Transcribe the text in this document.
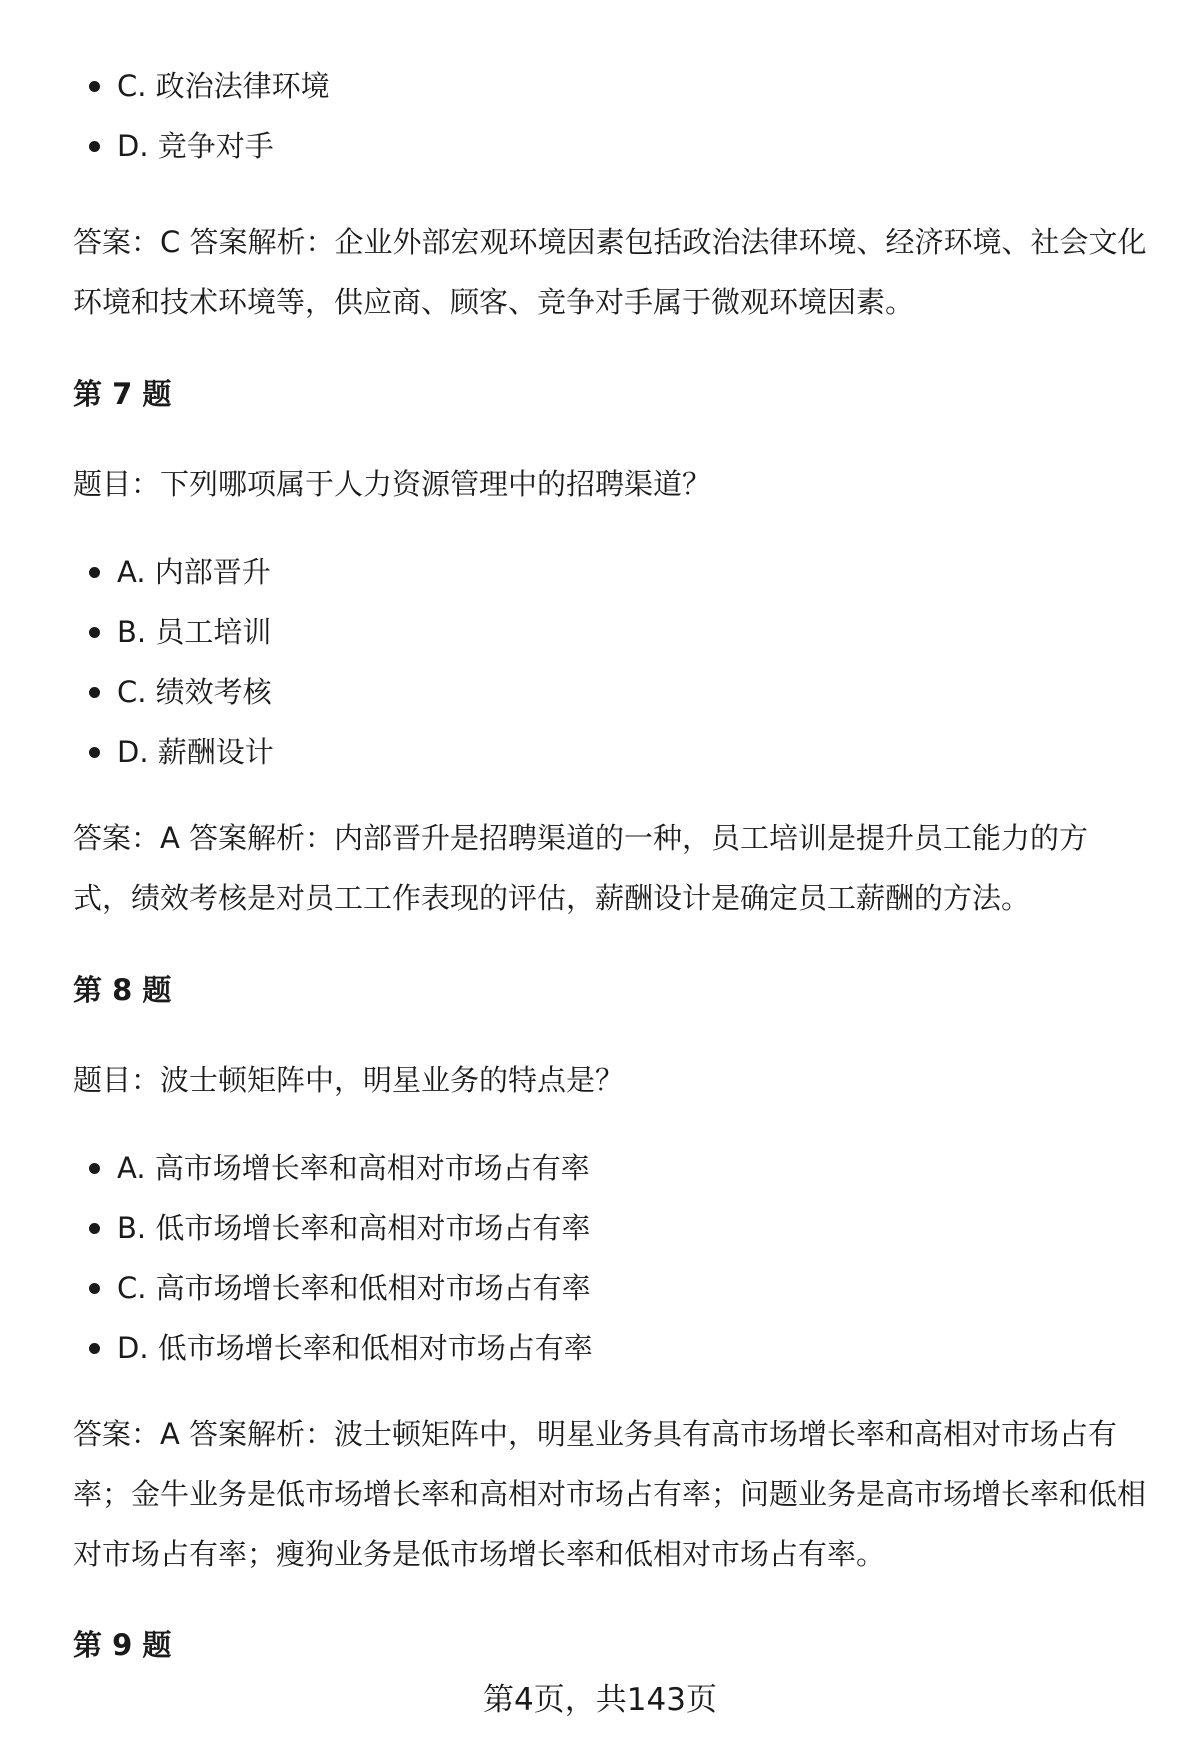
C. 政治法律环境
D. 竞争对手

答案：C 答案解析：企业外部宏观环境因素包括政治法律环境、经济环境、社会文化环境和技术环境等，供应商、顾客、竞争对手属于微观环境因素。

第 7 题

题目：下列哪项属于人力资源管理中的招聘渠道？

A. 内部晋升
B. 员工培训
C. 绩效考核
D. 薪酬设计

答案：A 答案解析：内部晋升是招聘渠道的一种，员工培训是提升员工能力的方式，绩效考核是对员工工作表现的评估，薪酬设计是确定员工薪酬的方法。

第 8 题

题目：波士顿矩阵中，明星业务的特点是？

A. 高市场增长率和高相对市场占有率
B. 低市场增长率和高相对市场占有率
C. 高市场增长率和低相对市场占有率
D. 低市场增长率和低相对市场占有率

答案：A 答案解析：波士顿矩阵中，明星业务具有高市场增长率和高相对市场占有率；金牛业务是低市场增长率和高相对市场占有率；问题业务是高市场增长率和低相对市场占有率；瘦狗业务是低市场增长率和低相对市场占有率。

第 9 题

第4页，共143页
